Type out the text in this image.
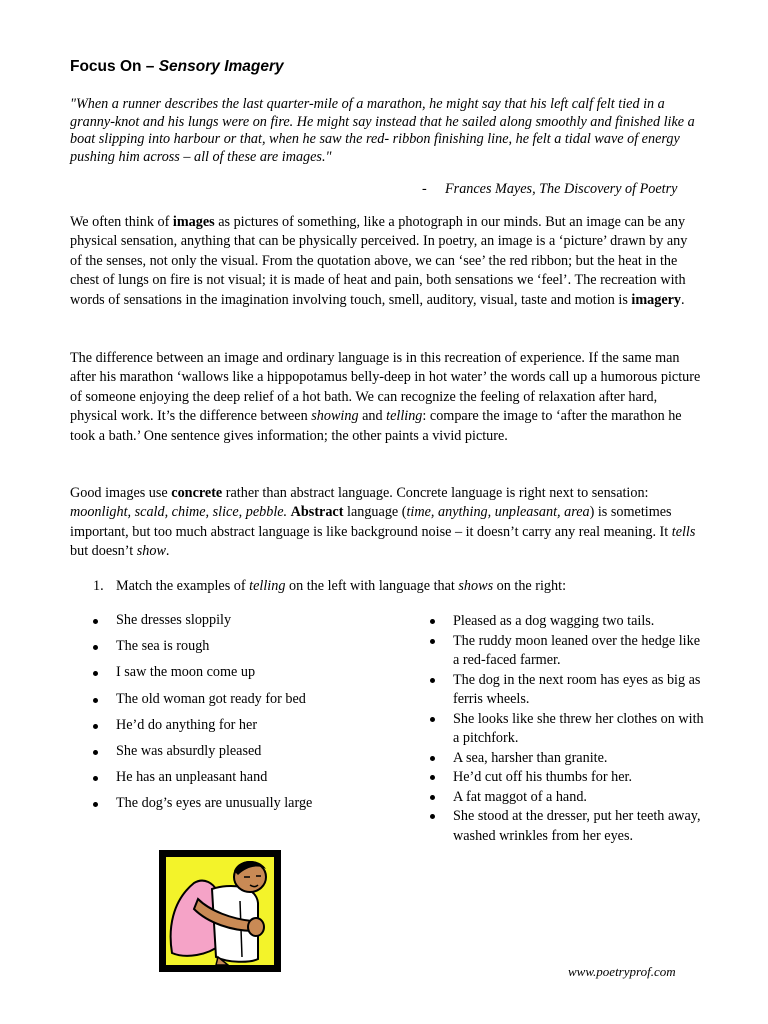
Focus On – Sensory Imagery
"When a runner describes the last quarter-mile of a marathon, he might say that his left calf felt tied in a granny-knot and his lungs were on fire. He might say instead that he sailed along smoothly and finished like a boat slipping into harbour or that, when he saw the red- ribbon finishing line, he felt a tidal wave of energy pushing him across – all of these are images."
- Frances Mayes, The Discovery of Poetry
We often think of images as pictures of something, like a photograph in our minds. But an image can be any physical sensation, anything that can be physically perceived. In poetry, an image is a ‘picture’ drawn by any of the senses, not only the visual. From the quotation above, we can ‘see’ the red ribbon; but the heat in the chest of lungs on fire is not visual; it is made of heat and pain, both sensations we ‘feel’. The recreation with words of sensations in the imagination involving touch, smell, auditory, visual, taste and motion is imagery.
The difference between an image and ordinary language is in this recreation of experience. If the same man after his marathon ‘wallows like a hippopotamus belly-deep in hot water’ the words call up a humorous picture of someone enjoying the deep relief of a hot bath. We can recognize the feeling of relaxation after hard, physical work. It’s the difference between showing and telling: compare the image to ‘after the marathon he took a bath.’ One sentence gives information; the other paints a vivid picture.
Good images use concrete rather than abstract language. Concrete language is right next to sensation: moonlight, scald, chime, slice, pebble. Abstract language (time, anything, unpleasant, area) is sometimes important, but too much abstract language is like background noise – it doesn’t carry any real meaning. It tells but doesn’t show.
1. Match the examples of telling on the left with language that shows on the right:
She dresses sloppily
The sea is rough
I saw the moon come up
The old woman got ready for bed
He’d do anything for her
She was absurdly pleased
He has an unpleasant hand
The dog’s eyes are unusually large
Pleased as a dog wagging two tails.
The ruddy moon leaned over the hedge like a red-faced farmer.
The dog in the next room has eyes as big as ferris wheels.
She looks like she threw her clothes on with a pitchfork.
A sea, harsher than granite.
He’d cut off his thumbs for her.
A fat maggot of a hand.
She stood at the dresser, put her teeth away, washed wrinkles from her eyes.
www.poetryprof.com
